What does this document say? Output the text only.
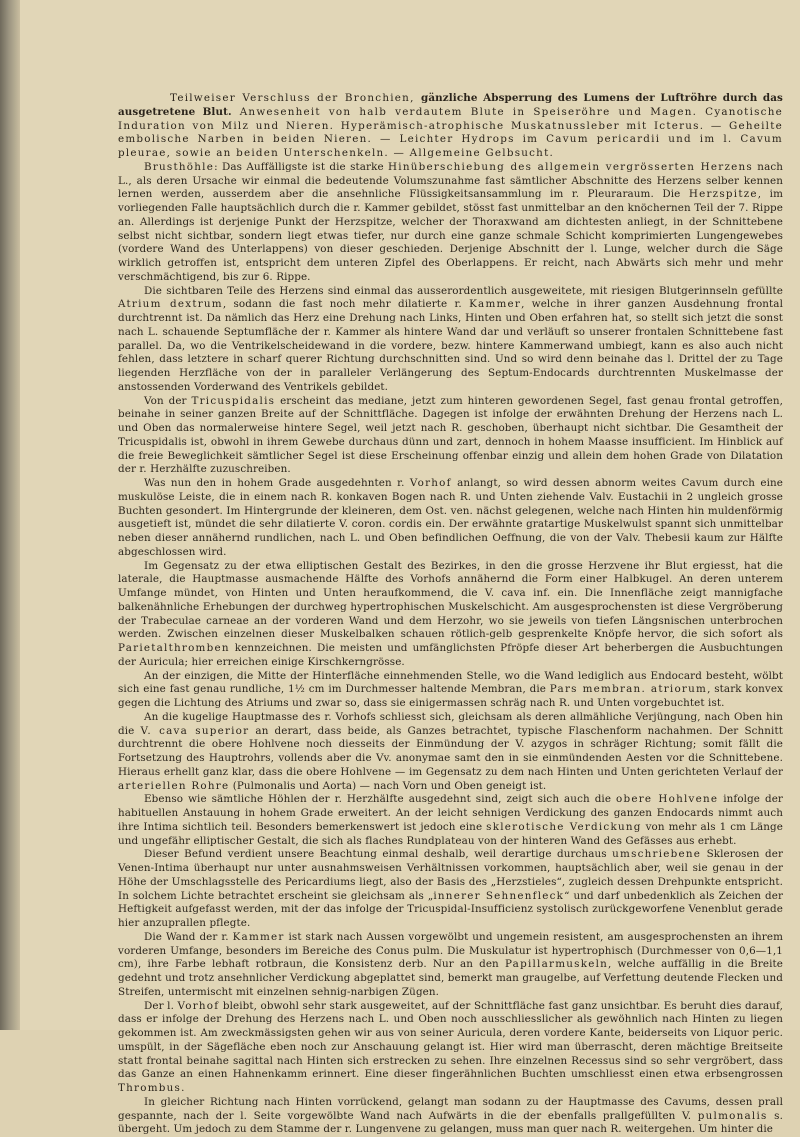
Teilweiser Verschluss der Bronchien, gänzliche Absperrung des Lumens der Luftröhre durch das ausgetretene Blut. Anwesenheit von halb verdautem Blute in Speiseröhre und Magen. Cyanotische Induration von Milz und Nieren. Hyperämisch-atrophische Muskatnussleber mit Icterus. — Geheilte embolische Narben in beiden Nieren. — Leichter Hydrops im Cavum pericardii und im l. Cavum pleurae, sowie an beiden Unterschenkeln. — Allgemeine Gelbsucht.

Brusthöhle: Das Auffälligste ist die starke Hinüberschiebung des allgemein vergrösserten Herzens nach L., als deren Ursache wir einmal die bedeutende Volumszunahme fast sämtlicher Abschnitte des Herzens selber kennen lernen werden, ausserdem aber die ansehnliche Flüssigkeitsansammlung im r. Pleuraraum. Die Herzspitze, im vorliegenden Falle hauptsächlich durch die r. Kammer gebildet, stösst fast unmittelbar an den knöchernen Teil der 7. Rippe an. Allerdings ist derjenige Punkt der Herzspitze, welcher der Thoraxwand am dichtesten anliegt, in der Schnittebene selbst nicht sichtbar, sondern liegt etwas tiefer, nur durch eine ganze schmale Schicht komprimierten Lungengewebes (vordere Wand des Unterlappens) von dieser geschieden. Derjenige Abschnitt der l. Lunge, welcher durch die Säge wirklich getroffen ist, entspricht dem unteren Zipfel des Oberlappens. Er reicht, nach Abwärts sich mehr und mehr verschmächtigend, bis zur 6. Rippe.

Die sichtbaren Teile des Herzens sind einmal das ausserordentlich ausgeweitete, mit riesigen Blutgerinnseln gefüllte Atrium dextrum, sodann die fast noch mehr dilatierte r. Kammer, welche in ihrer ganzen Ausdehnung frontal durchtrennt ist. Da nämlich das Herz eine Drehung nach Links, Hinten und Oben erfahren hat, so stellt sich jetzt die sonst nach L. schauende Septumfläche der r. Kammer als hintere Wand dar und verläuft so unserer frontalen Schnittebene fast parallel. Da, wo die Ventrikelscheidewand in die vordere, bezw. hintere Kammerwand umbiegt, kann es also auch nicht fehlen, dass letztere in scharf querer Richtung durchschnitten sind. Und so wird denn beinahe das l. Drittel der zu Tage liegenden Herzfläche von der in paralleler Verlängerung des Septum-Endocards durchtrennten Muskelmasse der anstossenden Vorderwand des Ventrikels gebildet.

Von der Tricuspidalis erscheint das mediane, jetzt zum hinteren gewordenen Segel, fast genau frontal getroffen, beinahe in seiner ganzen Breite auf der Schnittfläche. Dagegen ist infolge der erwähnten Drehung der Herzens nach L. und Oben das normalerweise hintere Segel, weil jetzt nach R. geschoben, überhaupt nicht sichtbar. Die Gesamtheit der Tricuspidalis ist, obwohl in ihrem Gewebe durchaus dünn und zart, dennoch in hohem Maasse insufficient. Im Hinblick auf die freie Beweglichkeit sämtlicher Segel ist diese Erscheinung offenbar einzig und allein dem hohen Grade von Dilatation der r. Herzhälfte zuzuschreiben.

Was nun den in hohem Grade ausgedehnten r. Vorhof anlangt, so wird dessen abnorm weites Cavum durch eine muskulöse Leiste, die in einem nach R. konkaven Bogen nach R. und Unten ziehende Valv. Eustachii in 2 ungleich grosse Buchten gesondert. Im Hintergrunde der kleineren, dem Ost. ven. nächst gelegenen, welche nach Hinten hin muldenförmig ausgetieft ist, mündet die sehr dilatierte V. coron. cordis ein. Der erwähnte gratartige Muskelwulst spannt sich unmittelbar neben dieser annähernd rundlichen, nach L. und Oben befindlichen Oeffnung, die von der Valv. Thebesii kaum zur Hälfte abgeschlossen wird.

Im Gegensatz zu der etwa elliptischen Gestalt des Bezirkes, in den die grosse Herzvene ihr Blut ergiesst, hat die laterale, die Hauptmasse ausmachende Hälfte des Vorhofs annähernd die Form einer Halbkugel. An deren unterem Umfange mündet, von Hinten und Unten heraufkommend, die V. cava inf. ein. Die Innenfläche zeigt mannigfache balkenähnliche Erhebungen der durchweg hypertrophischen Muskelschicht. Am ausgesprochensten ist diese Vergröberung der Trabeculae carneae an der vorderen Wand und dem Herzohr, wo sie jeweils von tiefen Längsnischen unterbrochen werden. Zwischen einzelnen dieser Muskelbalken schauen rötlich-gelb gesprenkelte Knöpfe hervor, die sich sofort als Parietalthromben kennzeichnen. Die meisten und umfänglichsten Pfröpfe dieser Art beherbergen die Ausbuchtungen der Auricula; hier erreichen einige Kirschkerngrösse.

An der einzigen, die Mitte der Hinterfläche einnehmenden Stelle, wo die Wand lediglich aus Endocard besteht, wölbt sich eine fast genau rundliche, 1½ cm im Durchmesser haltende Membran, die Pars membran. atriorum, stark konvex gegen die Lichtung des Atriums und zwar so, dass sie einigermassen schräg nach R. und Unten vorgebuchtet ist.

An die kugelige Hauptmasse des r. Vorhofs schliesst sich, gleichsam als deren allmähliche Verjüngung, nach Oben hin die V. cava superior an derart, dass beide, als Ganzes betrachtet, typische Flaschenform nachahmen. Der Schnitt durchtrennt die obere Hohlvene noch diesseits der Einmündung der V. azygos in schräger Richtung; somit fällt die Fortsetzung des Hauptrohrs, vollends aber die Vv. anonymae samt den in sie einmündenden Aesten vor die Schnittebene. Hieraus erhellt ganz klar, dass die obere Hohlvene — im Gegensatz zu dem nach Hinten und Unten gerichteten Verlauf der arteriellen Rohre (Pulmonalis und Aorta) — nach Vorn und Oben geneigt ist.

Ebenso wie sämtliche Höhlen der r. Herzhälfte ausgedehnt sind, zeigt sich auch die obere Hohlvene infolge der habituellen Anstauung in hohem Grade erweitert. An der leicht sehnigen Verdickung des ganzen Endocards nimmt auch ihre Intima sichtlich teil. Besonders bemerkenswert ist jedoch eine sklerotische Verdickung von mehr als 1 cm Länge und ungefähr elliptischer Gestalt, die sich als flaches Rundplateau von der hinteren Wand des Gefässes aus erhebt.

Dieser Befund verdient unsere Beachtung einmal deshalb, weil derartige durchaus umschriebene Sklerosen der Venen-Intima überhaupt nur unter ausnahmsweisen Verhältnissen vorkommen, hauptsächlich aber, weil sie genau in der Höhe der Umschlagsstelle des Pericardiums liegt, also der Basis des „Herzstieles“, zugleich dessen Drehpunkte entspricht. In solchem Lichte betrachtet erscheint sie gleichsam als „innerer Sehnenfleck“ und darf unbedenklich als Zeichen der Heftigkeit aufgefasst werden, mit der das infolge der Tricuspidal-Insufficienz systolisch zurückgeworfene Venenblut gerade hier anzuprallen pflegte.

Die Wand der r. Kammer ist stark nach Aussen vorgewölbt und ungemein resistent, am ausgesprochensten an ihrem vorderen Umfange, besonders im Bereiche des Conus pulm. Die Muskulatur ist hypertrophisch (Durchmesser von 0,6—1,1 cm), ihre Farbe lebhaft rotbraun, die Konsistenz derb. Nur an den Papillarmuskeln, welche auffällig in die Breite gedehnt und trotz ansehnlicher Verdickung abgeplattet sind, bemerkt man graugelbe, auf Verfettung deutende Flecken und Streifen, untermischt mit einzelnen sehnig-narbigen Zügen.

Der l. Vorhof bleibt, obwohl sehr stark ausgeweitet, auf der Schnittfläche fast ganz unsichtbar. Es beruht dies darauf, dass er infolge der Drehung des Herzens nach L. und Oben noch ausschliesslicher als gewöhnlich nach Hinten zu liegen gekommen ist. Am zweckmässigsten gehen wir aus von seiner Auricula, deren vordere Kante, beiderseits von Liquor peric. umspült, in der Sägefläche eben noch zur Anschauung gelangt ist. Hier wird man überrascht, deren mächtige Breitseite statt frontal beinahe sagittal nach Hinten sich erstrecken zu sehen. Ihre einzelnen Recessus sind so sehr vergröbert, dass das Ganze an einen Hahnenkamm erinnert. Eine dieser fingerähnlichen Buchten umschliesst einen etwa erbsengrossen Thrombus.

In gleicher Richtung nach Hinten vorrückend, gelangt man sodann zu der Hauptmasse des Cavums, dessen prall gespannte, nach der l. Seite vorgewölbte Wand nach Aufwärts in die der ebenfalls prallgefüllten V. pulmonalis s. übergeht. Um jedoch zu dem Stamme der r. Lungenvene zu gelangen, muss man quer nach R. weitergehen. Um hinter die
